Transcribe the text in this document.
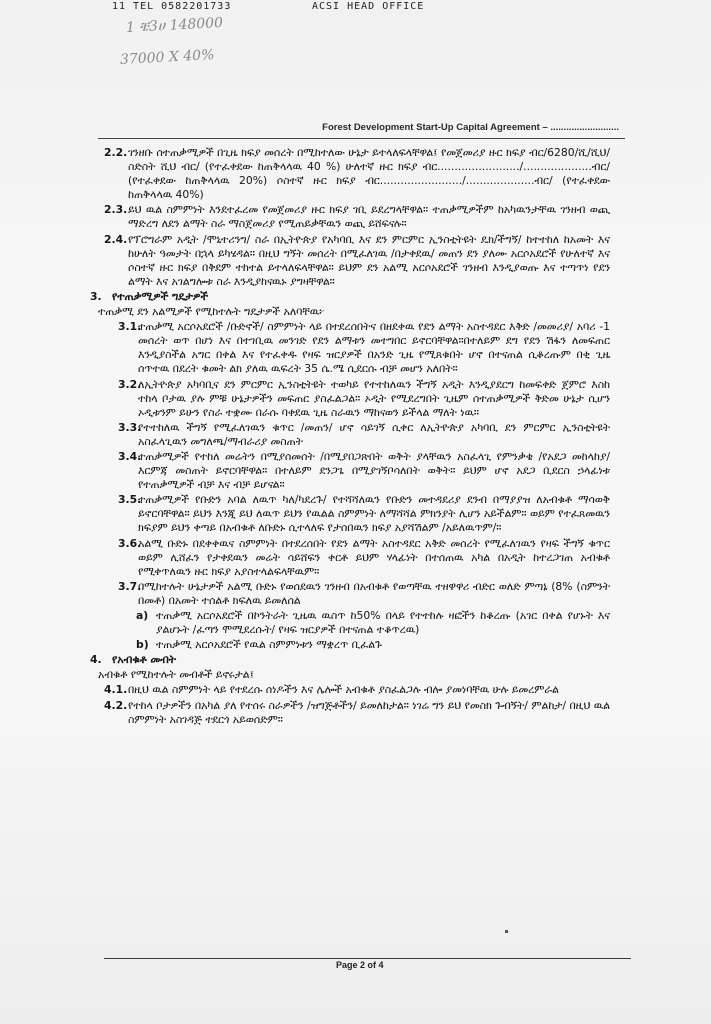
11 TEL 0582201733	ACSI HEAD OFFICE
1 ቼ3ሀ 148000
37000 X 40%
Forest Development Start-Up Capital Agreement – ..........................
2.2. ገንዘቡ ሰተጠቃሚዎች በጊዜ ክፍያ መሰረት በሚከተለው ሁኔታ ይተላለፍላቸዋል፤ የመጀመሪያ ዙር ክፍያ ብር/6280/ሺ/ሺህ/ስድስት ሺህ ብር/ (የተፈቀደው ከጠቅላላዉ 40 %) ሁለተኛ ዙር ክፍያ ብር......................../....................ብር/ (የተፈቀደው ከጠቅላላዉ 20%) ሶስተኛ ዙር ክፍያ ብር......................../....................ብር/ (የተፈቀደው ከጠቅላላዉ 40%)
2.3. ይህ ዉል ስምምነት እንደተፈረመ የመጀመሪያ ዙር ክፍያ ገቢ ይደረግላቸዋል። ተጠቃሚዎችም ከአካዉንታቸዉ ገንዘብ ወጪ ማድረግ ለደን ልማት ስራ ማስጀመሪያ የሚጠይቃቸዉን ወጪ ይሸፍናሉ።
2.4. የፕሮግራም አዲት /ሞኒተሪንግ/ ስራ በኢትዮጵያ የአካባቢ እና ደን ምርምር ኢንስቲትዩት ዴክ/ችግኝ/ ከተተከለ ከአመት እና ከሁለት ዓመታት በኋላ ይካሄዳል። በዚህ ግኝት መሰረት በሚፈለገዉ /በታቀደዉ/ መጠን ደን ያለሙ አርሶአደሮች የሁለተኛ እና ሶስተኛ ዙር ክፍያ በቅደም ተከተል ይተላለፍላቸዋል። ይህም ደን አልሚ አርሶአደሮች ገንዘብ እንዲያወጡ እና ተጣጥነ የደን ልማት እና አገልግሎቱ ስራ እንዲያከናዉኑ ያግዛቸዋል።
3. የተጠቃሚዎች ግዴታዎች
ተጠቃሚ ደን አልሚዎች የሚከተሉት ግዴታዎች አለባቸዉ፦
3.1.
ተጠቃሚ አርሶአደሮች /ቡድኖች/ ስምምነት ላይ በተደረሰበትና በዘደቀዉ የደን ልማት አስተዳደር እቅድ /መመሪያ/ አባሪ -1 መሰረት ወጥ በሆነ እና በተገቢዉ መንገድ የደን ልማቱን መተግበር ይኖርባቸዋል።በተለይም ደግ የደን ሽፋን ለመፍጠር እንዲያስችል አግር በቀል እና የተፈቀዱ የዛፍ ዝርያዎች በአንድ ጊዜ የሚጸቁበት ሆኖ በተናጠል ሲቆረጡም በቂ ጊዜ ሰጥተዉ በደረት ቁመት ልክ ያለዉ ዉፍረት 35 ሴ.ሜ ሲደርሱ ብቻ መሆን አለበት።
3.2.
ለኢትዮጵያ አካባቢና ደን ምርምር ኢንስቲትዩት ተወካይ የተተከለዉን ችግኝ አዲት እንዲያደርግ ከመፍቀድ ጀምሮ እስከ ተከላ ቦታዉ ያሉ ምቹ ሁኔታዎችን መፍጠር ያስፈልጋል። ኦዲት የሚደረግበት ጊዜም ሰተጠቃሚዎች ቅድመ ሁኔታ ሲሆን ኦዲቱንም ይሁን የስራ ተቋሙ በራሱ ባቀደዉ ጊዜ ስራዉን ማከናወን ይችላል ማለት ነዉ።
3.3.
የተተከለዉ ችግኝ የሚፈለገዉን ቁጥር /መጠን/ ሆኖ ሳይገኝ ሲቀር ለኢትዮጵያ አካባቢ ደን ምርምር ኢንስቲትዩት አስፈላጊዉን መግለጫ/ማብራሪያ መስጠት
3.4.
ተጠቃሚዎች የተከለ መሬትን በሚያሰመሰት /በሚያበጋጽበት ወቅት ያላቸዉን አስፈላጊ የምንቃቄ /የአደጋ መከላከያ/ እርምጃ መስጠት ይኖርባቸዋል። በተለይም ደንጋጌ በሚያገኝቦሳለበት ወቅት። ይህም ሆኖ አደጋ ቢደርስ ኃላፊነቱ የተጠቃሚዎች ብቻ እና ብቻ ይሆናል።
3.5.
ተጠቃሚዎች የቡድን አባል ለዉጥ ካለ/ካደረጉ/ የተሻሻለዉን የቡድን መተዳደሪያ ደንብ በማያያዝ ለአብቁቶ ማሳወቅ ይኖርባቸዋል። ይህን እንጂ ይህ ለዉጥ ይህን የዉልል ስምምነት ለማሻሻል ምክንያት ሊሆን አይችልም። ወይም የተፈጸመዉን ክፍያም ይህን ቀጣይ በአብቁቶ ለቡድኑ ሲተላለፍ የታሰበዉን ክፍያ አያሻሽልም /አይለዉጥም/።
3.6.
አልሚ ቡድኑ በደቀቀዉና ስምምነት በተደረሰበት የደን ልማት አስተዳደር አቅድ መሰረት የሚፈለገዉን የዛፍ ችግኝ ቁጥር ወይም ሊሸፈን የታቀደዉን መሬት ሳይሸፍን ቀርቶ ይህም ሃላፊነት በተሰጠዉ አካል በአዲት ከተረጋገጠ አብቁቶ የሚቀጥለዉን ዙር ክፍያ አያስተላልፍላቸዉም።
3.7.
በሚከተሉት ሁኔታዎች አልሚ ቡድኑ የወሰደዉን ገንዘብ በአብቁቶ የወጣቸዉ ተዘዋዋሪ ብድር ወለድ ምጣኔ (8% (ስምንት በመቶ) በአመት ተሰልቶ ክፍለዉ ይመለሰል
a) ተጠቃሚ አርሶአደሮች በኮንትራት ጊዜዉ ዉስጥ ከ50% በላይ የተተከሉ ዛፎችን ከቆረጡ (አገር በቀል የሆኑት እና ያልሆኑት /ፈጣን ሞሚደረሱት/ የዛፍ ዝርያዎች በተናጠል ተቆጥረዉ)
b) ተጠቃሚ አርሶአደሮች የዉል ስምምነቱን ማቋረጥ ቢፈልጉ
4. የአብቁቶ መብት
አብቁቶ የሚከተሉት መብቶች ይኖሩታል፤
4.1. በዚህ ዉል ስምምነት ላይ የተደረሱ ሰነዶችን እና ሌሎች አብቁቶ ያስፈልጋሉ ብሎ ያመነባቸዉ ሁሉ ይመረምራል
4.2. የተከላ ቦታዎችን በአካል ያለ የተሰሩ ስራዎችን /ዝግጅቶችን/ ይመለከታል። ነገሬ ግን ይህ የመስክ ጉብኝት/ ምልከታ/ በዚህ ዉል ስምምነት አስገዳጅ ተደርጎ አይወሰድም።
Page 2 of 4
